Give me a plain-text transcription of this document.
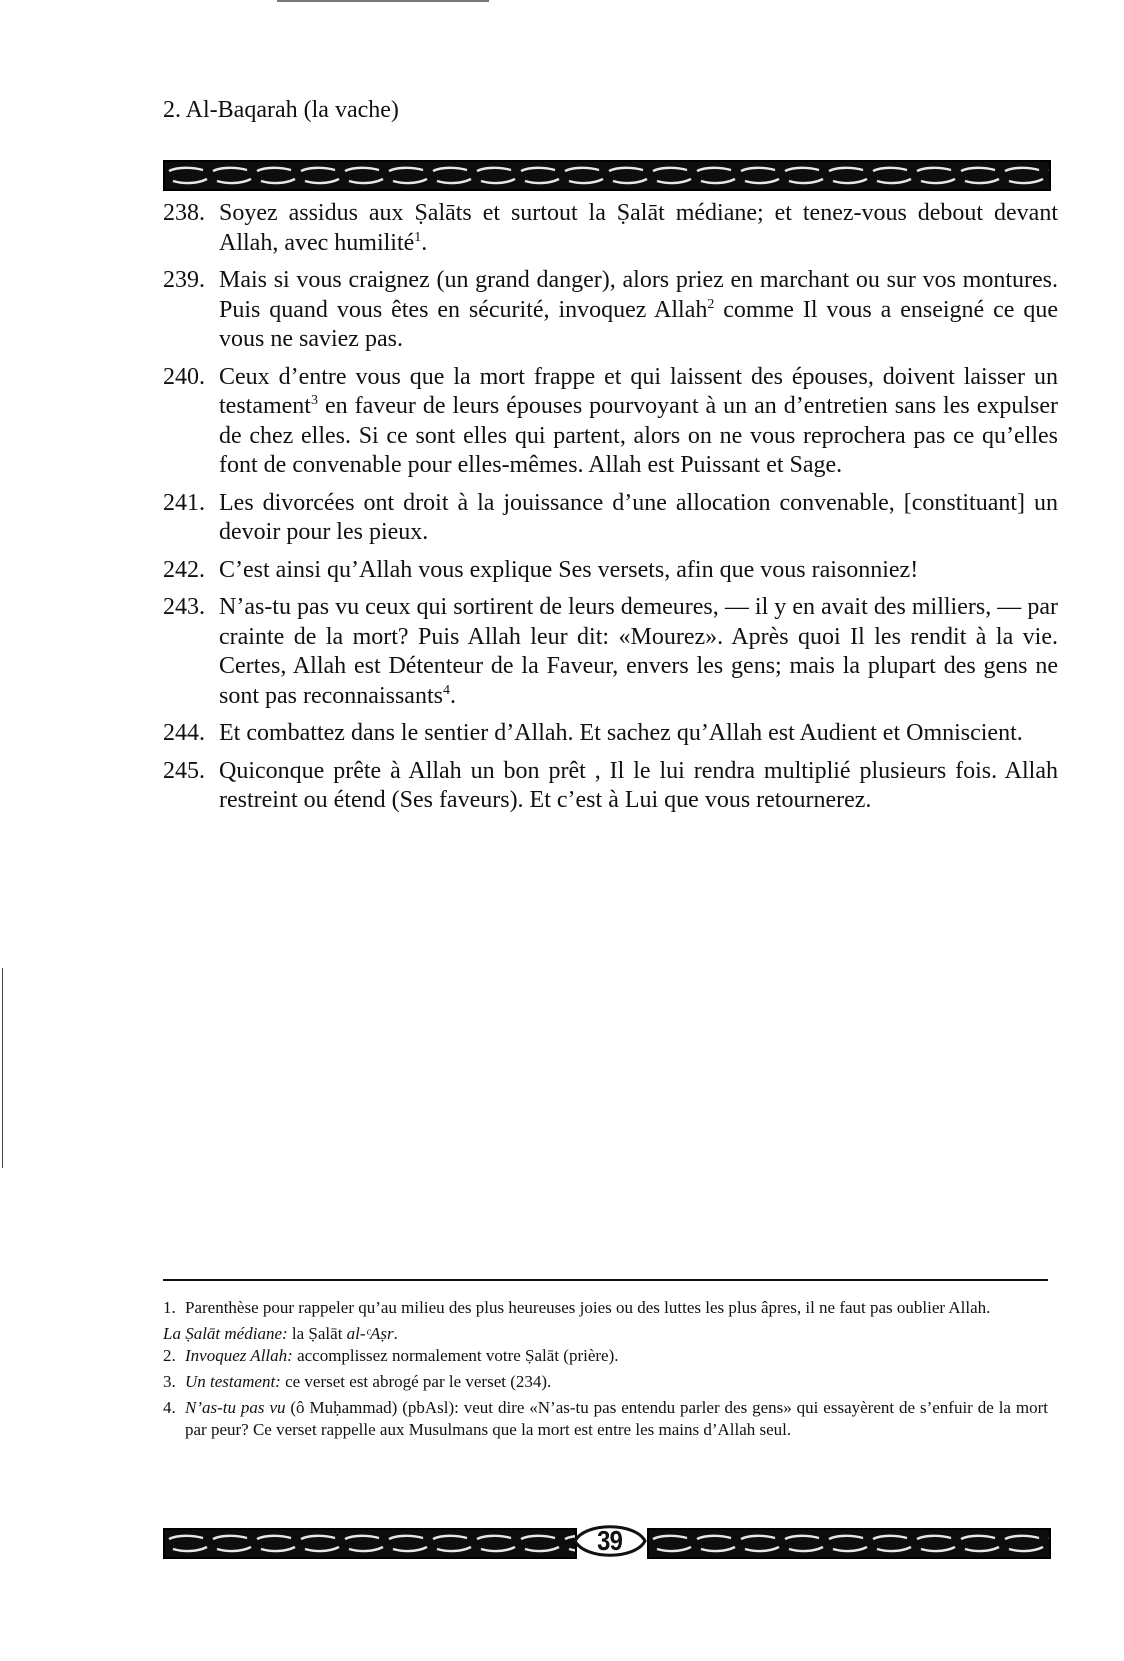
2. Al-Baqarah (la vache)
238. Soyez assidus aux Ṣalāts et surtout la Ṣalāt médiane; et tenez-vous debout devant Allah, avec humilité$^1$.
239. Mais si vous craignez (un grand danger), alors priez en marchant ou sur vos montures. Puis quand vous êtes en sécurité, invoquez Allah$^2$ comme Il vous a enseigné ce que vous ne saviez pas.
240. Ceux d’entre vous que la mort frappe et qui laissent des épouses, doivent laisser un testament$^3$ en faveur de leurs épouses pourvoyant à un an d’entretien sans les expulser de chez elles. Si ce sont elles qui partent, alors on ne vous reprochera pas ce qu’elles font de convenable pour elles-mêmes. Allah est Puissant et Sage.
241. Les divorcées ont droit à la jouissance d’une allocation convenable, [constituant] un devoir pour les pieux.
242. C’est ainsi qu’Allah vous explique Ses versets, afin que vous raisonniez!
243. N’as-tu pas vu ceux qui sortirent de leurs demeures, — il y en avait des milliers, — par crainte de la mort? Puis Allah leur dit: «Mourez». Après quoi Il les rendit à la vie. Certes, Allah est Détenteur de la Faveur, envers les gens; mais la plupart des gens ne sont pas reconnaissants$^4$.
244. Et combattez dans le sentier d’Allah. Et sachez qu’Allah est Audient et Omniscient.
245. Quiconque prête à Allah un bon prêt , Il le lui rendra multiplié plusieurs fois. Allah restreint ou étend (Ses faveurs). Et c’est à Lui que vous retournerez.
1. Parenthèse pour rappeler qu’au milieu des plus heureuses joies ou des luttes les plus âpres, il ne faut pas oublier Allah.
La Ṣalāt médiane: la Ṣalāt al-ᶜAṣr.
2. Invoquez Allah: accomplissez normalement votre Ṣalāt (prière).
3. Un testament: ce verset est abrogé par le verset (234).
4. N’as-tu pas vu (ô Muḥammad) (pbAsl): veut dire «N’as-tu pas entendu parler des gens» qui essayèrent de s’enfuir de la mort par peur? Ce verset rappelle aux Musulmans que la mort est entre les mains d’Allah seul.
39
